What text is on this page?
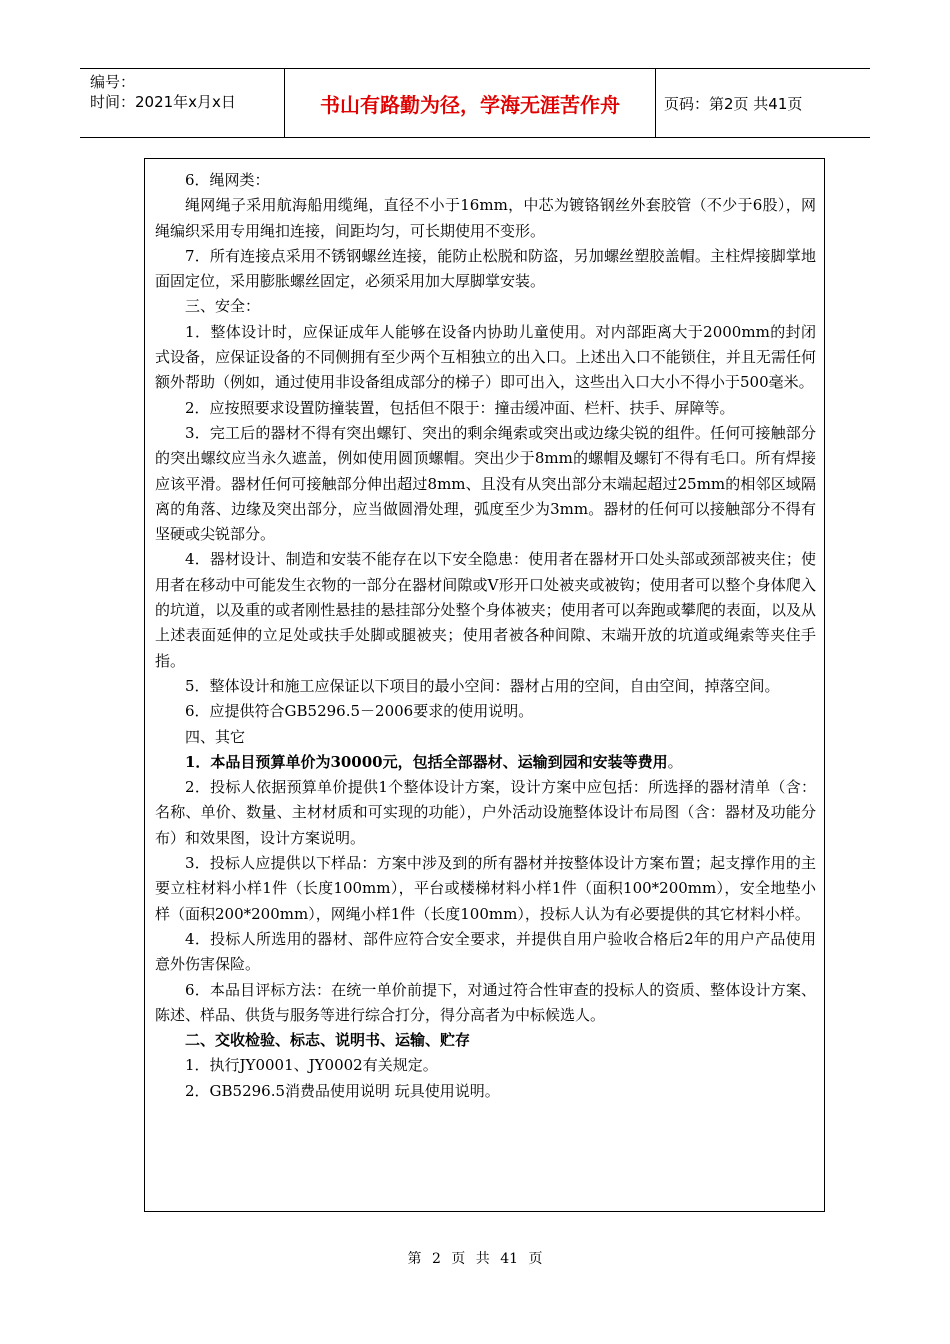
编号：
时间：2021年x月x日	书山有路勤为径，学海无涯苦作舟	页码：第2页 共41页

6．绳网类：

绳网绳子采用航海船用缆绳，直径不小于16mm，中芯为镀铬钢丝外套胶管（不少于6股），网绳编织采用专用绳扣连接，间距均匀，可长期使用不变形。

7．所有连接点采用不锈钢螺丝连接，能防止松脱和防盗，另加螺丝塑胶盖帽。主柱焊接脚掌地面固定位，采用膨胀螺丝固定，必须采用加大厚脚掌安装。

三、安全：

1．整体设计时，应保证成年人能够在设备内协助儿童使用。对内部距离大于2000mm的封闭式设备，应保证设备的不同侧拥有至少两个互相独立的出入口。上述出入口不能锁住，并且无需任何额外帮助（例如，通过使用非设备组成部分的梯子）即可出入，这些出入口大小不得小于500毫米。

2．应按照要求设置防撞装置，包括但不限于：撞击缓冲面、栏杆、扶手、屏障等。

3．完工后的器材不得有突出螺钉、突出的剩余绳索或突出或边缘尖锐的组件。任何可接触部分的突出螺纹应当永久遮盖，例如使用圆顶螺帽。突出少于8mm的螺帽及螺钉不得有毛口。所有焊接应该平滑。器材任何可接触部分伸出超过8mm、且没有从突出部分末端起超过25mm的相邻区域隔离的角落、边缘及突出部分，应当做圆滑处理，弧度至少为3mm。器材的任何可以接触部分不得有坚硬或尖锐部分。

4．器材设计、制造和安装不能存在以下安全隐患：使用者在器材开口处头部或颈部被夹住；使用者在移动中可能发生衣物的一部分在器材间隙或V形开口处被夹或被钩；使用者可以整个身体爬入的坑道，以及重的或者刚性悬挂的悬挂部分处整个身体被夹；使用者可以奔跑或攀爬的表面，以及从上述表面延伸的立足处或扶手处脚或腿被夹；使用者被各种间隙、末端开放的坑道或绳索等夹住手指。

5．整体设计和施工应保证以下项目的最小空间：器材占用的空间，自由空间，掉落空间。

6．应提供符合GB5296.5－2006要求的使用说明。

四、其它

1．本品目预算单价为30000元，包括全部器材、运输到园和安装等费用。

2．投标人依据预算单价提供1个整体设计方案，设计方案中应包括：所选择的器材清单（含：名称、单价、数量、主材材质和可实现的功能），户外活动设施整体设计布局图（含：器材及功能分布）和效果图，设计方案说明。

3．投标人应提供以下样品：方案中涉及到的所有器材并按整体设计方案布置；起支撑作用的主要立柱材料小样1件（长度100mm），平台或楼梯材料小样1件（面积100*200mm），安全地垫小样（面积200*200mm），网绳小样1件（长度100mm），投标人认为有必要提供的其它材料小样。

4．投标人所选用的器材、部件应符合安全要求，并提供自用户验收合格后2年的用户产品使用意外伤害保险。

6．本品目评标方法：在统一单价前提下，对通过符合性审查的投标人的资质、整体设计方案、陈述、样品、供货与服务等进行综合打分，得分高者为中标候选人。

二、交收检验、标志、说明书、运输、贮存

1．执行JY0001、JY0002有关规定。

2．GB5296.5消费品使用说明 玩具使用说明。

第 2 页 共 41 页
